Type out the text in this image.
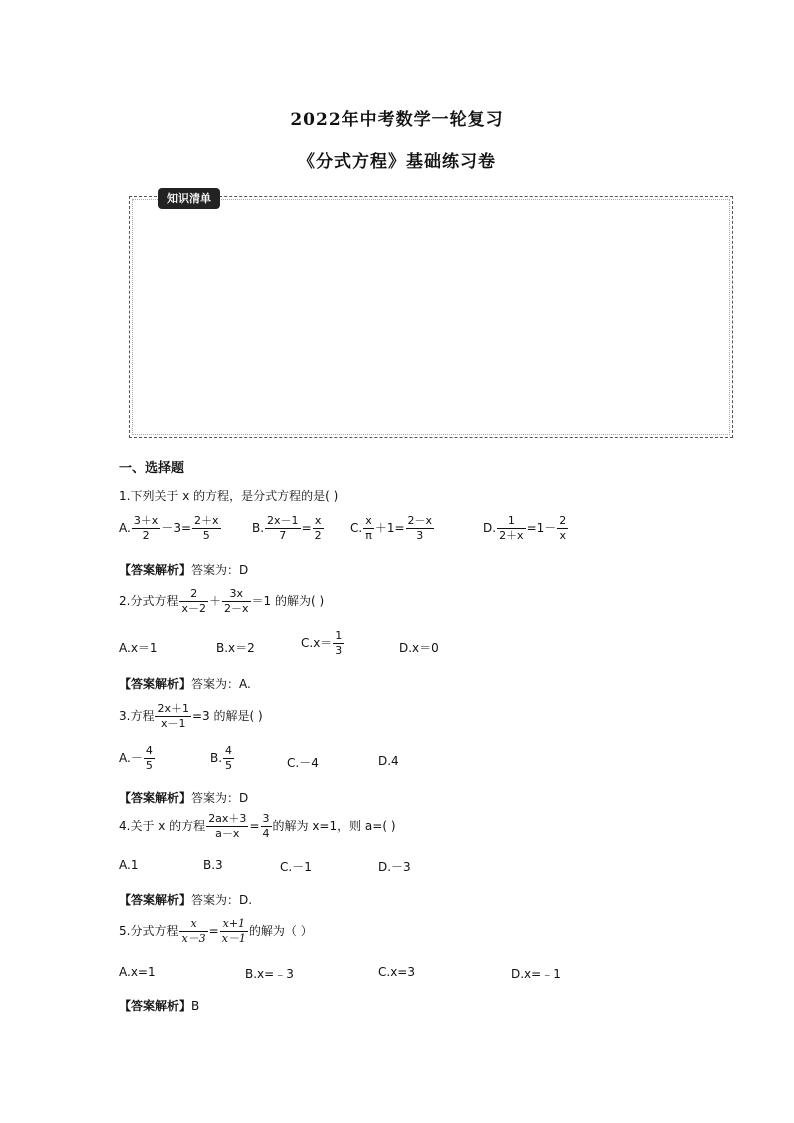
2022年中考数学一轮复习
《分式方程》基础练习卷
知识清单
一、选择题
1.下列关于 x 的方程，是分式方程的是( )
A. $\frac{3+x}{2} -3= \frac{2+x}{5}$	B. $\frac{2x-1}{7} = \frac{x}{2} C$. $\frac{x}{\pi} +1= \frac{2-x}{3}$	D. $\frac{1}{2+x} =1- \frac{2}{x}$
【答案解析】答案为：D
2.分式方程 $\frac{2}{x-2} + \frac{3x}{2-x} =1$ 的解为( )
A.x＝1	B.x＝2	$C.x= \frac{1}{3}$	D.x＝0
【答案解析】答案为：A.
3.方程 $\frac{2x+1}{x-1} =3$ 的解是( )
$A.- \frac{4}{5}$	B. $\frac{4}{5}$	C.－4	D.4
【答案解析】答案为：D
4.关于 x 的方程 $\frac{2ax+3}{a-x} = \frac{3}{4}$ 的解为 x=1，则 a=( )
A.1	B.3	C.－1	D.－3
【答案解析】答案为：D.
5.分式方程 $\frac{x}{x-3} = \frac{x+1}{x-1}$ 的解为（ ）
A.x=1	B.x=﹣3	C.x=3	D.x=﹣1
【答案解析】B
